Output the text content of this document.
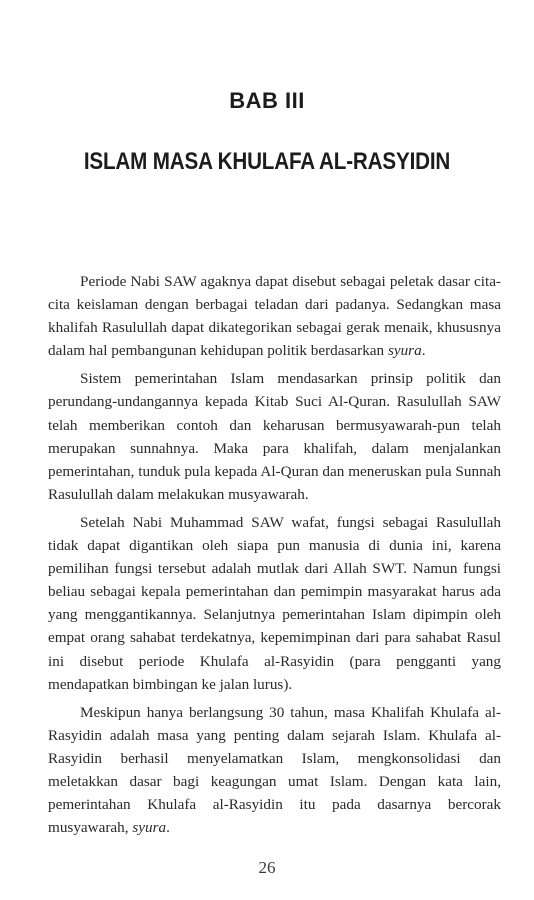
BAB III
ISLAM MASA KHULAFA AL-RASYIDIN

Periode Nabi SAW agaknya dapat disebut sebagai peletak dasar cita-cita keislaman dengan berbagai teladan dari padanya. Sedangkan masa khalifah Rasulullah dapat dikategorikan sebagai gerak menaik, khususnya dalam hal pembangunan kehidupan politik berdasarkan syura.

Sistem pemerintahan Islam mendasarkan prinsip politik dan perundang-undangannya kepada Kitab Suci Al-Quran. Rasulullah SAW telah memberikan contoh dan keharusan bermusyawarah-pun telah merupakan sunnahnya. Maka para khalifah, dalam menjalankan pemerintahan, tunduk pula kepada Al-Quran dan meneruskan pula Sunnah Rasulullah dalam melakukan musyawarah.

Setelah Nabi Muhammad SAW wafat, fungsi sebagai Rasulullah tidak dapat digantikan oleh siapa pun manusia di dunia ini, karena pemilihan fungsi tersebut adalah mutlak dari Allah SWT. Namun fungsi beliau sebagai kepala pemerintahan dan pemimpin masyarakat harus ada yang menggantikannya. Selanjutnya pemerintahan Islam dipimpin oleh empat orang sahabat terdekatnya, kepemimpinan dari para sahabat Rasul ini disebut periode Khulafa al-Rasyidin (para pengganti yang mendapatkan bimbingan ke jalan lurus).

Meskipun hanya berlangsung 30 tahun, masa Khalifah Khulafa al-Rasyidin adalah masa yang penting dalam sejarah Islam. Khulafa al-Rasyidin berhasil menyelamatkan Islam, mengkonsolidasi dan meletakkan dasar bagi keagungan umat Islam. Dengan kata lain, pemerintahan Khulafa al-Rasyidin itu pada dasarnya bercorak musyawarah, syura.

26
